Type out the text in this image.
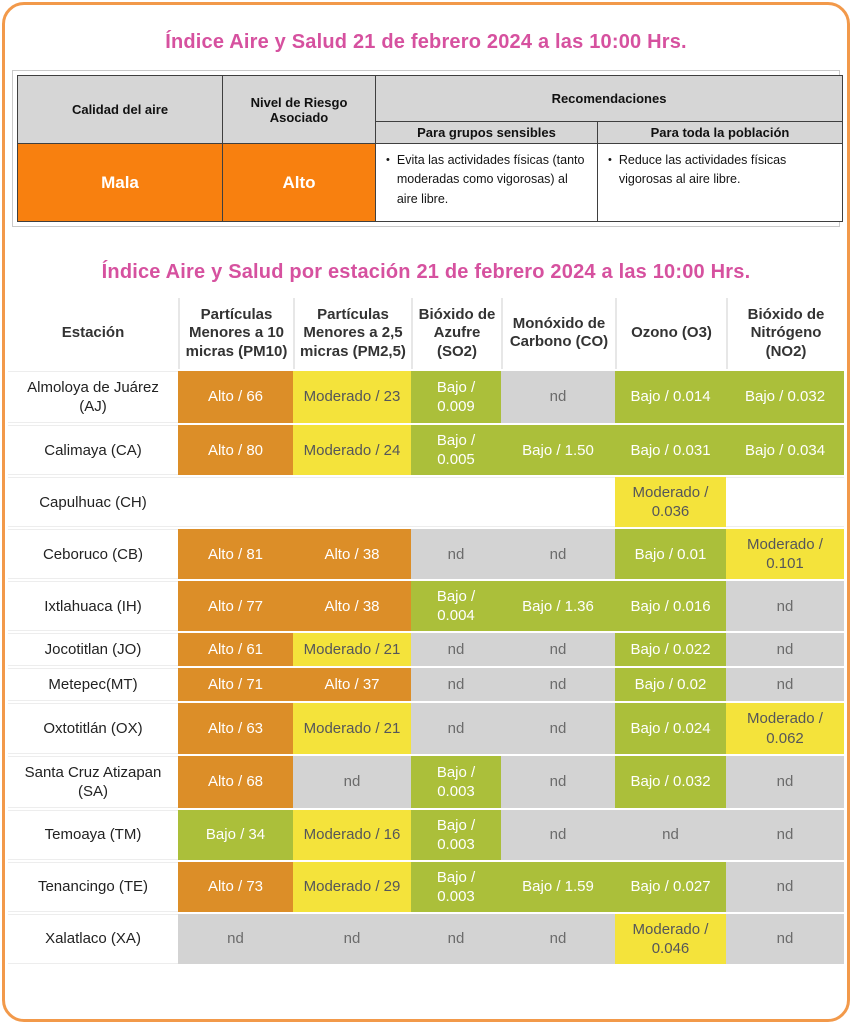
Índice Aire y Salud 21 de febrero 2024 a las 10:00 Hrs.
Calidad del aire	Nivel de Riesgo Asociado	Recomendaciones	
		Para grupos sensibles	Para toda la población
Mala	Alto	• Evita las actividades físicas (tanto moderadas como vigorosas) al aire libre.	• Reduce las actividades físicas vigorosas al aire libre.
Índice Aire y Salud por estación 21 de febrero 2024 a las 10:00 Hrs.
Estación	Partículas Menores a 10 micras (PM10)	Partículas Menores a 2,5 micras (PM2,5)	Bióxido de Azufre (SO2)	Monóxido de Carbono (CO)	Ozono (O3)	Bióxido de Nitrógeno (NO2)
Almoloya de Juárez (AJ)	Alto / 66	Moderado / 23	Bajo / 0.009	nd	Bajo / 0.014	Bajo / 0.032
Calimaya (CA)	Alto / 80	Moderado / 24	Bajo / 0.005	Bajo / 1.50	Bajo / 0.031	Bajo / 0.034
Capulhuac (CH)					Moderado / 0.036	
Ceboruco (CB)	Alto / 81	Alto / 38	nd	nd	Bajo / 0.01	Moderado / 0.101
Ixtlahuaca (IH)	Alto / 77	Alto / 38	Bajo / 0.004	Bajo / 1.36	Bajo / 0.016	nd
Jocotitlan (JO)	Alto / 61	Moderado / 21	nd	nd	Bajo / 0.022	nd
Metepec(MT)	Alto / 71	Alto / 37	nd	nd	Bajo / 0.02	nd
Oxtotitlán (OX)	Alto / 63	Moderado / 21	nd	nd	Bajo / 0.024	Moderado / 0.062
Santa Cruz Atizapan (SA)	Alto / 68	nd	Bajo / 0.003	nd	Bajo / 0.032	nd
Temoaya (TM)	Bajo / 34	Moderado / 16	Bajo / 0.003	nd	nd	nd
Tenancingo (TE)	Alto / 73	Moderado / 29	Bajo / 0.003	Bajo / 1.59	Bajo / 0.027	nd
Xalatlaco (XA)	nd	nd	nd	nd	Moderado / 0.046	nd
